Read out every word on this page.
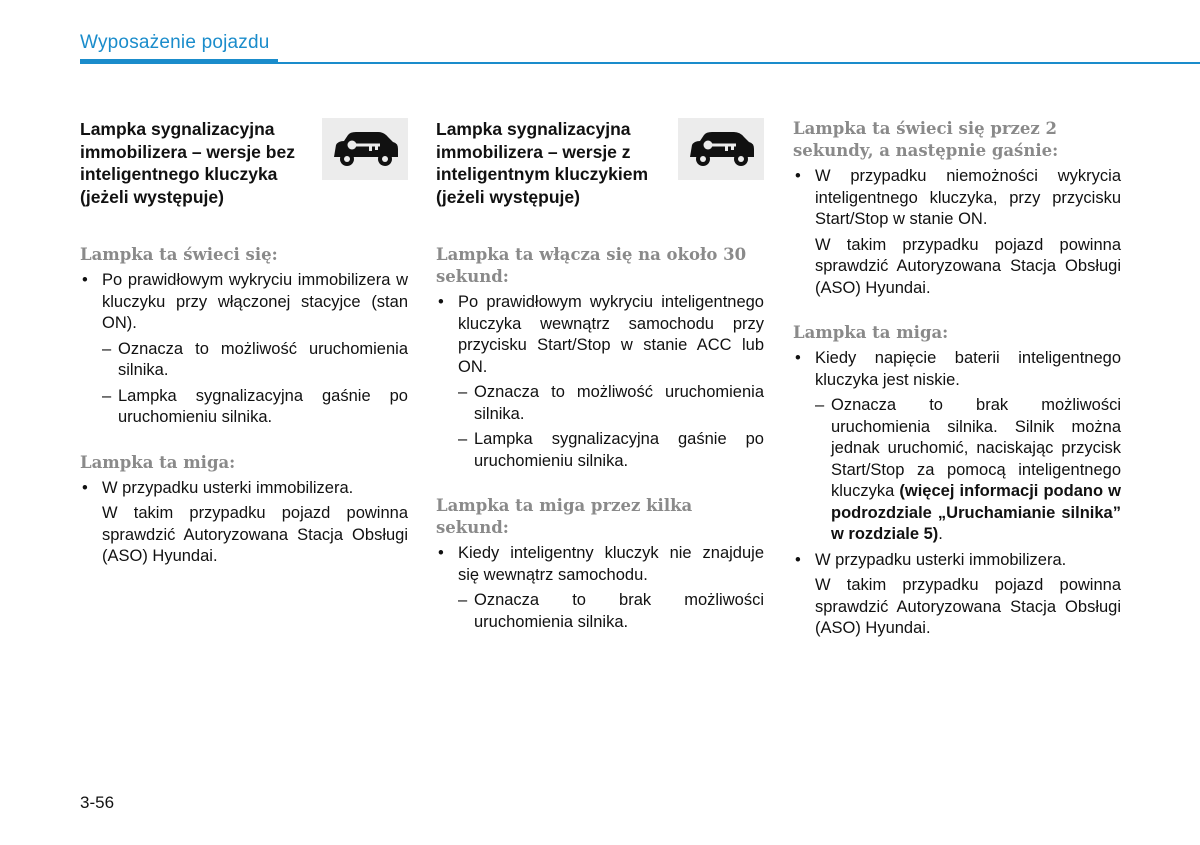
Wyposażenie pojazdu
Lampka sygnalizacyjna immobilizera – wersje bez inteligentnego kluczyka (jeżeli występuje)

Lampka ta świeci się:

• Po prawidłowym wykryciu immobilizera w kluczyku przy włączonej stacyjce (stan ON).

– Oznacza to możliwość uruchomienia silnika.

– Lampka sygnalizacyjna gaśnie po uruchomieniu silnika.

Lampka ta miga:

• W przypadku usterki immobilizera.

W takim przypadku pojazd powinna sprawdzić Autoryzowana Stacja Obsługi (ASO) Hyundai.

Lampka sygnalizacyjna immobilizera – wersje z inteligentnym kluczykiem (jeżeli występuje)

Lampka ta włącza się na około 30 sekund:

• Po prawidłowym wykryciu inteligentnego kluczyka wewnątrz samochodu przy przycisku Start/Stop w stanie ACC lub ON.

– Oznacza to możliwość uruchomienia silnika.

– Lampka sygnalizacyjna gaśnie po uruchomieniu silnika.

Lampka ta miga przez kilka sekund:

• Kiedy inteligentny kluczyk nie znajduje się wewnątrz samochodu.

– Oznacza to brak możliwości uruchomienia silnika.

Lampka ta świeci się przez 2 sekundy, a następnie gaśnie:

• W przypadku niemożności wykrycia inteligentnego kluczyka, przy przycisku Start/Stop w stanie ON.

W takim przypadku pojazd powinna sprawdzić Autoryzowana Stacja Obsługi (ASO) Hyundai.

Lampka ta miga:

• Kiedy napięcie baterii inteligentnego kluczyka jest niskie.

– Oznacza to brak możliwości uruchomienia silnika. Silnik można jednak uruchomić, naciskając przycisk Start/Stop za pomocą inteligentnego kluczyka (więcej informacji podano w podrozdziale „Uruchamianie silnika” w rozdziale 5).

• W przypadku usterki immobilizera.

W takim przypadku pojazd powinna sprawdzić Autoryzowana Stacja Obsługi (ASO) Hyundai.

3-56
